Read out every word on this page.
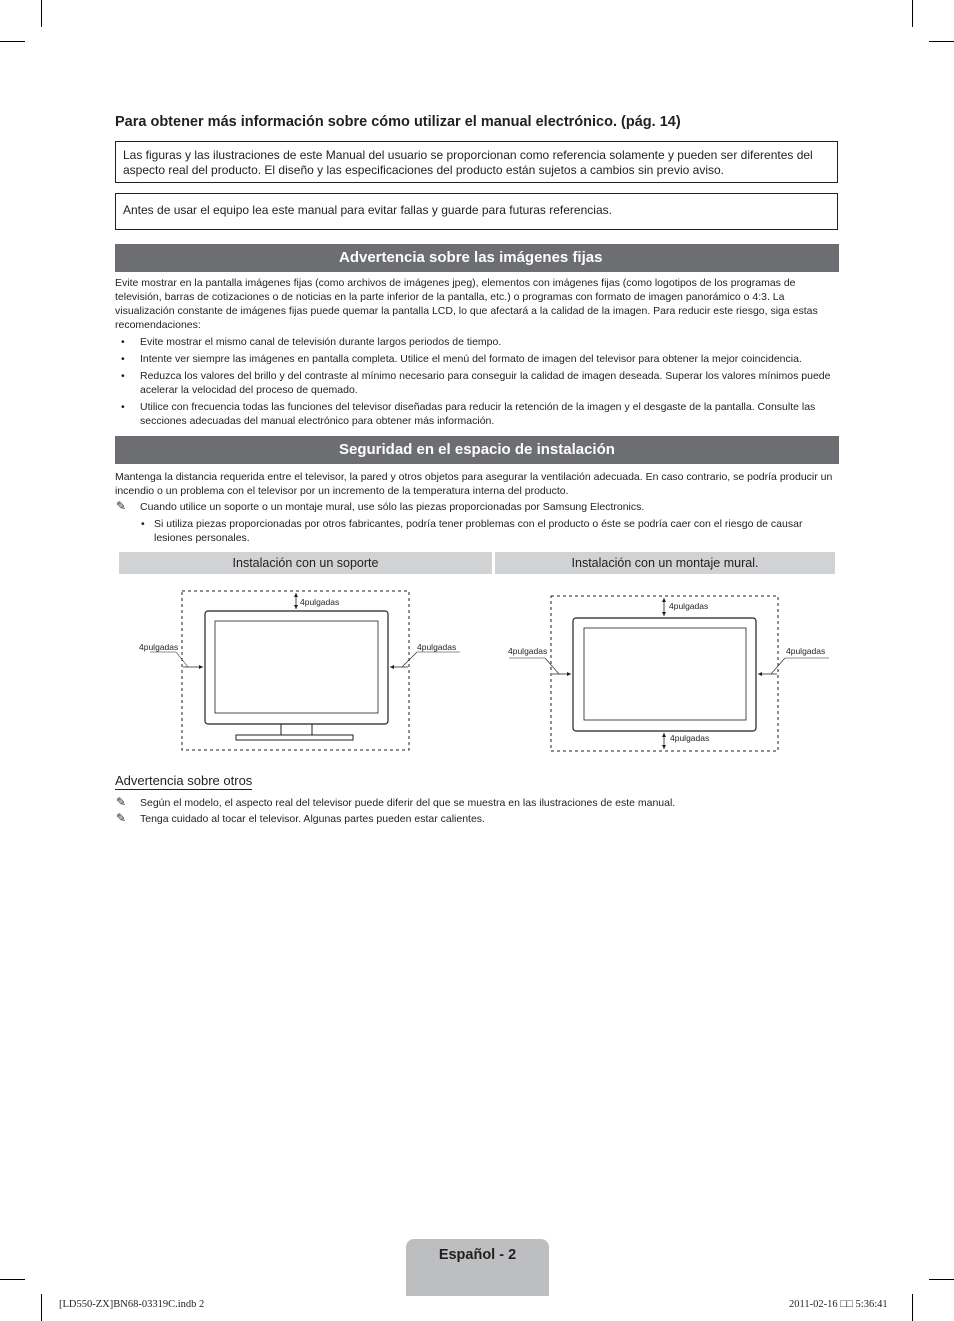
Para obtener más información sobre cómo utilizar el manual electrónico. (pág. 14)
Las figuras y las ilustraciones de este Manual del usuario se proporcionan como referencia solamente y pueden ser diferentes del aspecto real del producto. El diseño y las especificaciones del producto están sujetos a cambios sin previo aviso.
Antes de usar el equipo lea este manual para evitar fallas y guarde para futuras referencias.
Advertencia sobre las imágenes fijas
Evite mostrar en la pantalla imágenes fijas (como archivos de imágenes jpeg), elementos con imágenes fijas (como logotipos de los programas de televisión, barras de cotizaciones o de noticias en la parte inferior de la pantalla, etc.) o programas con formato de imagen panorámico o 4:3. La visualización constante de imágenes fijas puede quemar la pantalla LCD, lo que afectará a la calidad de la imagen. Para reducir este riesgo, siga estas recomendaciones:
• Evite mostrar el mismo canal de televisión durante largos periodos de tiempo.
• Intente ver siempre las imágenes en pantalla completa. Utilice el menú del formato de imagen del televisor para obtener la mejor coincidencia.
• Reduzca los valores del brillo y del contraste al mínimo necesario para conseguir la calidad de imagen deseada. Superar los valores mínimos puede acelerar la velocidad del proceso de quemado.
• Utilice con frecuencia todas las funciones del televisor diseñadas para reducir la retención de la imagen y el desgaste de la pantalla. Consulte las secciones adecuadas del manual electrónico para obtener más información.
Seguridad en el espacio de instalación
Mantenga la distancia requerida entre el televisor, la pared y otros objetos para asegurar la ventilación adecuada. En caso contrario, se podría producir un incendio o un problema con el televisor por un incremento de la temperatura interna del producto.
✎ Cuando utilice un soporte o un montaje mural, use sólo las piezas proporcionadas por Samsung Electronics.
• Si utiliza piezas proporcionadas por otros fabricantes, podría tener problemas con el producto o éste se podría caer con el riesgo de causar lesiones personales.
Instalación con un soporte	Instalación con un montaje mural.
4pulgadas
4pulgadas	4pulgadas
4pulgadas
4pulgadas	4pulgadas
4pulgadas
Advertencia sobre otros
✎ Según el modelo, el aspecto real del televisor puede diferir del que se muestra en las ilustraciones de este manual.
✎ Tenga cuidado al tocar el televisor. Algunas partes pueden estar calientes.
Español - 2
[LD550-ZX]BN68-03319C.indb 2	2011-02-16 □□ 5:36:41
